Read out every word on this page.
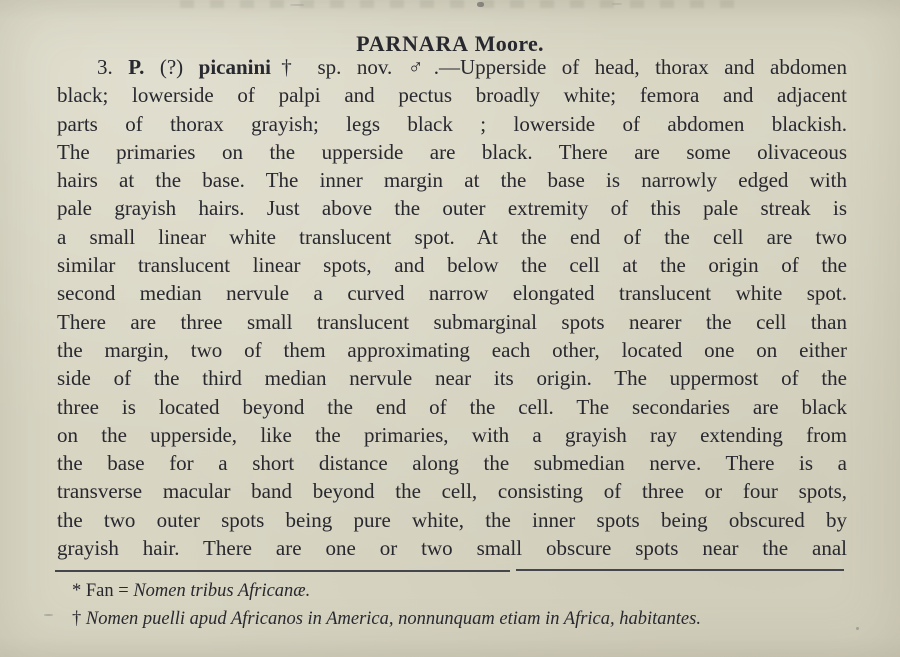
PARNARA Moore.
3. P. (?) picanini† sp. nov. ♂.—Upperside of head, thorax and abdomen
black; lowerside of palpi and pectus broadly white; femora and adjacent
parts of thorax grayish; legs black ; lowerside of abdomen blackish.
The primaries on the upperside are black. There are some olivaceous
hairs at the base. The inner margin at the base is narrowly edged with
pale grayish hairs. Just above the outer extremity of this pale streak is
a small linear white translucent spot. At the end of the cell are two
similar translucent linear spots, and below the cell at the origin of the
second median nervule a curved narrow elongated translucent white spot.
There are three small translucent submarginal spots nearer the cell than
the margin, two of them approximating each other, located one on either
side of the third median nervule near its origin. The uppermost of the
three is located beyond the end of the cell. The secondaries are black
on the upperside, like the primaries, with a grayish ray extending from
the base for a short distance along the submedian nerve. There is a
transverse macular band beyond the cell, consisting of three or four spots,
the two outer spots being pure white, the inner spots being obscured by
grayish hair. There are one or two small obscure spots near the anal
* Fan = Nomen tribus Africanæ.
† Nomen puelli apud Africanos in America, nonnunquam etiam in Africa, habitantes.
